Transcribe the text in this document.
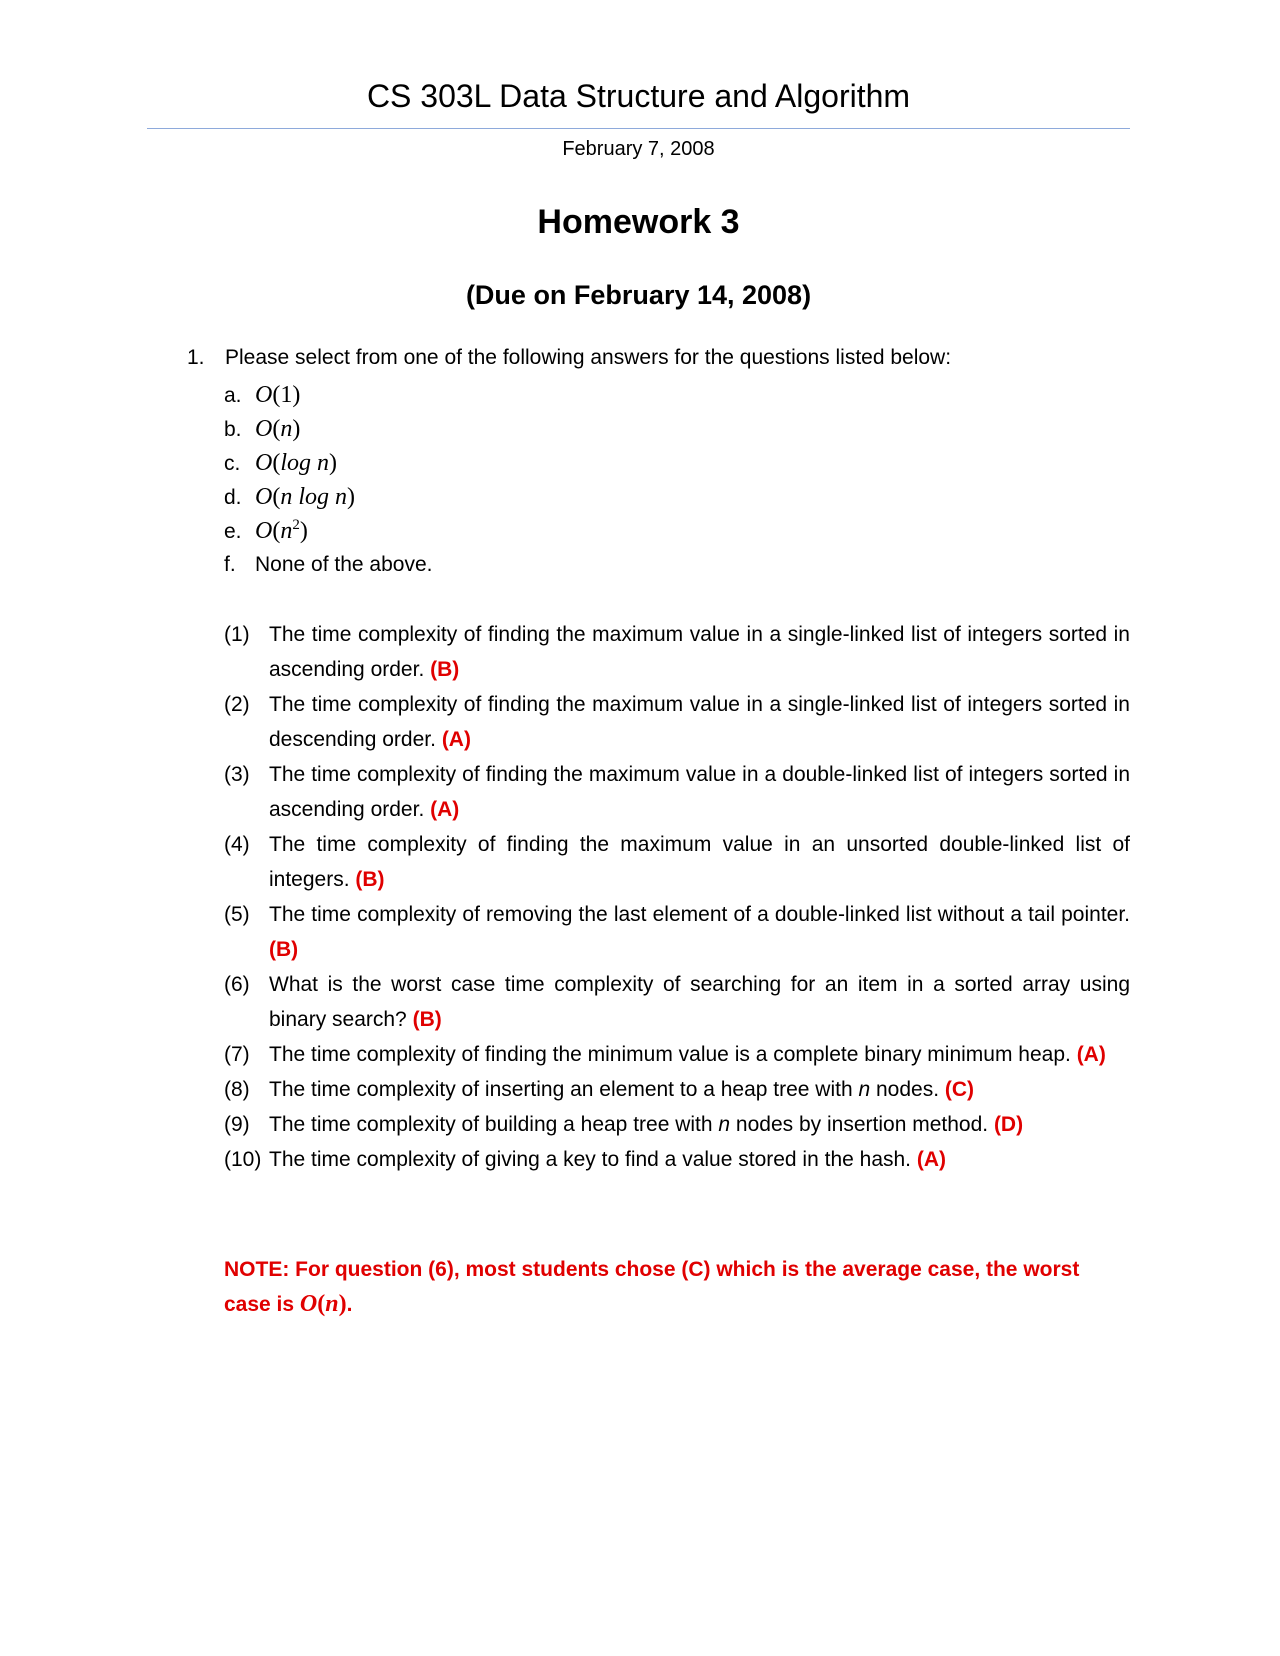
CS 303L Data Structure and Algorithm
February 7, 2008
Homework 3
(Due on February 14, 2008)
1. Please select from one of the following answers for the questions listed below:
a. O(1)
b. O(n)
c. O(log n)
d. O(n log n)
e. $O(n^2)$
f. None of the above.
(1) The time complexity of finding the maximum value in a single-linked list of integers sorted in ascending order. (B)
(2) The time complexity of finding the maximum value in a single-linked list of integers sorted in descending order. (A)
(3) The time complexity of finding the maximum value in a double-linked list of integers sorted in ascending order. (A)
(4) The time complexity of finding the maximum value in an unsorted double-linked list of integers. (B)
(5) The time complexity of removing the last element of a double-linked list without a tail pointer. (B)
(6) What is the worst case time complexity of searching for an item in a sorted array using binary search? (B)
(7) The time complexity of finding the minimum value is a complete binary minimum heap. (A)
(8) The time complexity of inserting an element to a heap tree with n nodes. (C)
(9) The time complexity of building a heap tree with n nodes by insertion method. (D)
(10) The time complexity of giving a key to find a value stored in the hash. (A)
NOTE: For question (6), most students chose (C) which is the average case, the worst case is O(n).
